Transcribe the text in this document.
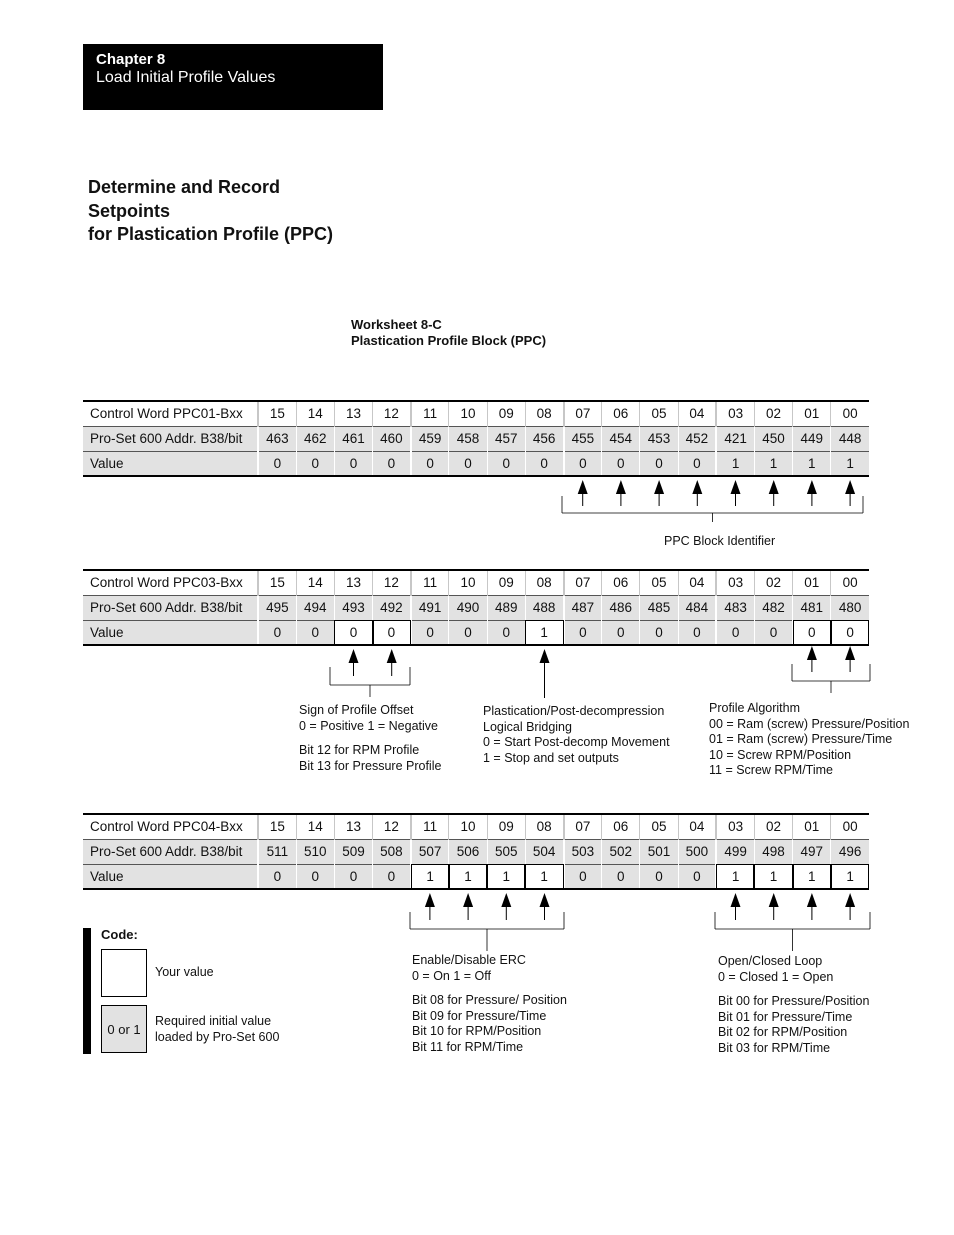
Chapter 8
Load Initial Profile Values
Determine and Record
Setpoints
for Plastication Profile (PPC)
Worksheet 8-C
Plastication Profile Block (PPC)
Control Word PPC01-Bxx	15	14	13	12	11	10	09	08	07	06	05	04	03	02	01	00
Pro-Set 600 Addr. B38/bit	463	462	461	460	459	458	457	456	455	454	453	452	421	450	449	448
Value	0	0	0	0	0	0	0	0	0	0	0	0	1	1	1	1
Control Word PPC03-Bxx	15	14	13	12	11	10	09	08	07	06	05	04	03	02	01	00
Pro-Set 600 Addr. B38/bit	495	494	493	492	491	490	489	488	487	486	485	484	483	482	481	480
Value	0	0	0	0	0	0	0	1	0	0	0	0	0	0	0	0
Control Word PPC04-Bxx	15	14	13	12	11	10	09	08	07	06	05	04	03	02	01	00
Pro-Set 600 Addr. B38/bit	511	510	509	508	507	506	505	504	503	502	501	500	499	498	497	496
Value	0	0	0	0	1	1	1	1	0	0	0	0	1	1	1	1
PPC Block Identifier
Sign of Profile Offset
0 = Positive 1 = Negative
Bit 12 for RPM Profile
Bit 13 for Pressure Profile
Plastication/Post-decompression
Logical Bridging
0 = Start Post-decomp Movement
1 = Stop and set outputs
Profile Algorithm
00 = Ram (screw) Pressure/Position
01 = Ram (screw) Pressure/Time
10 = Screw RPM/Position
11 = Screw RPM/Time
Enable/Disable ERC
0 = On 1 = Off
Bit 08 for Pressure/ Position
Bit 09 for Pressure/Time
Bit 10 for RPM/Position
Bit 11 for RPM/Time
Open/Closed Loop
0 = Closed 1 = Open
Bit 00 for Pressure/Position
Bit 01 for Pressure/Time
Bit 02 for RPM/Position
Bit 03 for RPM/Time
Code:
Your value
0 or 1
Required initial value
loaded by Pro-Set 600
